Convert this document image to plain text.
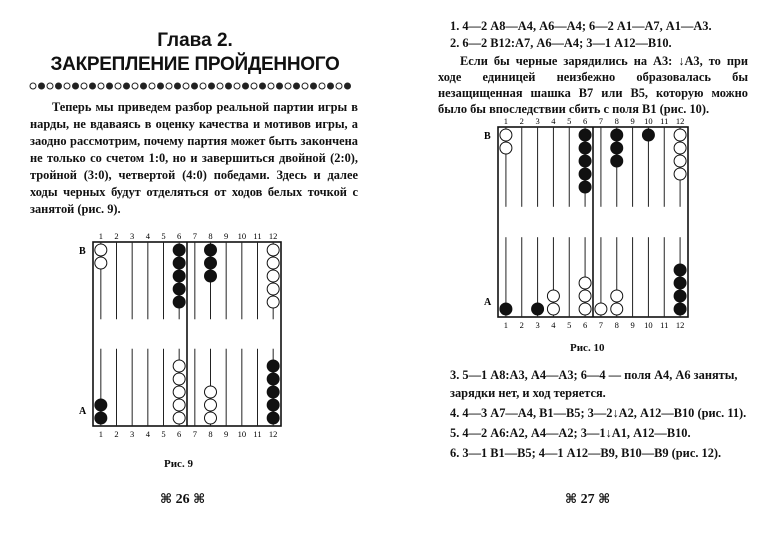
Глава 2.
ЗАКРЕПЛЕНИЕ ПРОЙДЕННОГО

Теперь мы приведем разбор реальной партии игры в нарды, не вдаваясь в оценку качества и мотивов игры, а заодно рассмотрим, почему партия может быть закончена не только со счетом 1:0, но и завершиться двойной (2:0), тройной (3:0), четвертой (4:0) победами. Здесь и далее ходы черных будут отделяться от ходов белых точкой с занятой (рис. 9).

1
1
2
2
3
3
4
4
5
5
6
6
7
7
8
8
9
9
10
10
11
11
12
12
В
А
Рис. 9
⌘ 26 ⌘
1. 4—2 А8—А4, А6—А4; 6—2 А1—А7, А1—А3.
2. 6—2 В12:А7, А6—А4; 3—1 А12—В10.

Если бы черные зарядились на А3: ↓А3, то при ходе единицей неизбежно образовалась бы незащищенная шашка В7 или В5, которую можно было бы впоследствии сбить с поля В1 (рис. 10).

1
1
2
2
3
3
4
4
5
5
6
6
7
7
8
8
9
9
10
10
11
11
12
12
В
А
Рис. 10
3. 5—1 А8:А3, А4—А3; 6—4 — поля А4, А6 заняты, зарядки нет, и ход теряется.
4. 4—3 А7—А4, В1—В5; 3—2↓А2, А12—В10 (рис. 11).
5. 4—2 А6:А2, А4—А2; 3—1↓А1, А12—В10.
6. 3—1 В1—В5; 4—1 А12—В9, В10—В9 (рис. 12).
⌘ 27 ⌘
